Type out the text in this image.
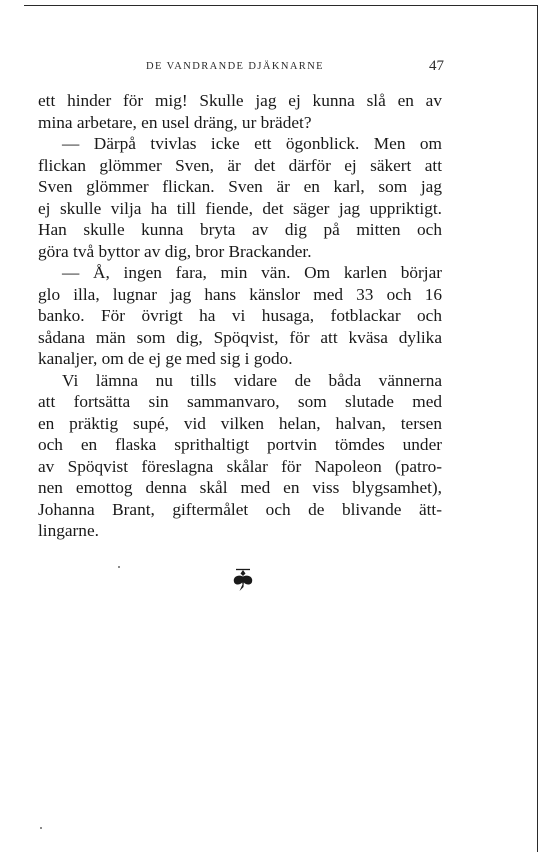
DE VANDRANDE DJÄKNARNE	47
ett hinder för mig! Skulle jag ej kunna slå en av
mina arbetare, en usel dräng, ur brädet?
— Därpå tvivlas icke ett ögonblick. Men om
flickan glömmer Sven, är det därför ej säkert att
Sven glömmer flickan. Sven är en karl, som jag
ej skulle vilja ha till fiende, det säger jag uppriktigt.
Han skulle kunna bryta av dig på mitten och
göra två byttor av dig, bror Brackander.
— Å, ingen fara, min vän. Om karlen börjar
glo illa, lugnar jag hans känslor med 33 och 16
banko. För övrigt ha vi husaga, fotblackar och
sådana män som dig, Spöqvist, för att kväsa dylika
kanaljer, om de ej ge med sig i godo.
Vi lämna nu tills vidare de båda vännerna
att fortsätta sin sammanvaro, som slutade med
en präktig supé, vid vilken helan, halvan, tersen
och en flaska sprithaltigt portvin tömdes under
av Spöqvist föreslagna skålar för Napoleon (patro-
nen emottog denna skål med en viss blygsamhet),
Johanna Brant, giftermålet och de blivande ätt-
lingarne.
